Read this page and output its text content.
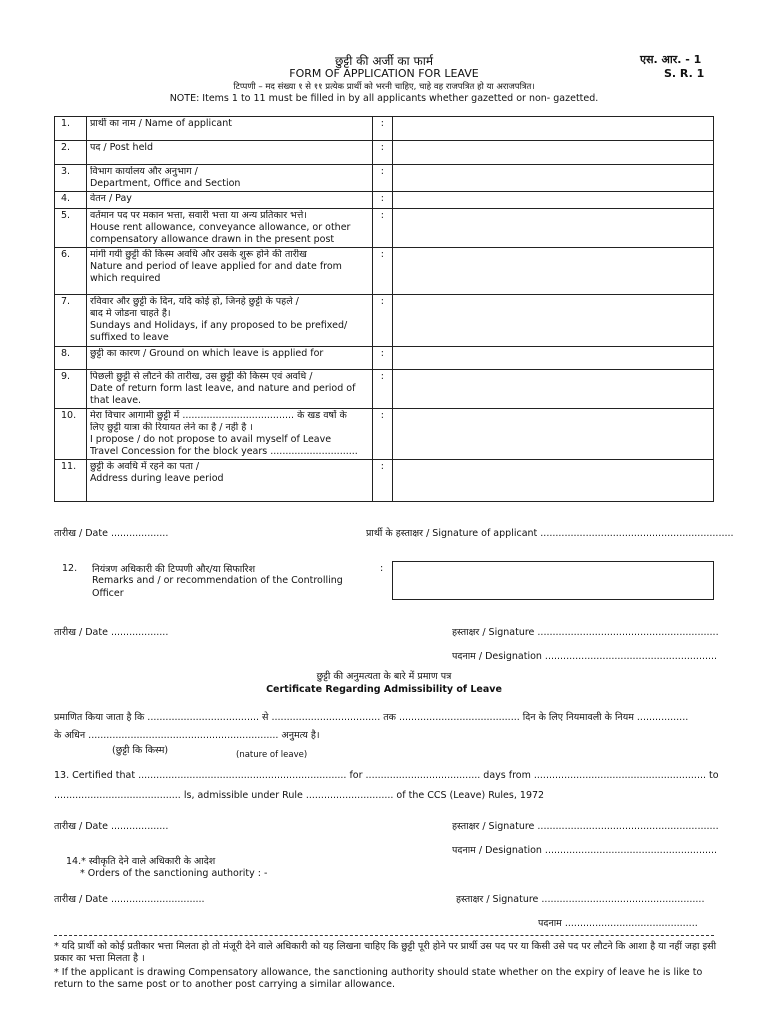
छुट्टी की अर्जी का फार्म
FORM OF APPLICATION FOR LEAVE
टिप्पणी – मद संख्या १ से ११ प्रत्येक प्रार्थी को भरनी चाहिए, चाहे वह राजपत्रित हो या अराजपत्रित।
NOTE: Items 1 to 11 must be filled in by all applicants whether gazetted or non- gazetted.
एस. आर. - 1
S. R. 1
1.	प्रार्थी का नाम / Name of applicant	:	
2.	पद / Post held	:	
3.	विभाग कार्यालय और अनुभाग /
Department, Office and Section	:	
4.	वेतन / Pay	:	
5.	वर्तमान पद पर मकान भत्ता, सवारी भत्ता या अन्य प्रतिकार भत्ते।
House rent allowance, conveyance allowance, or other
compensatory allowance drawn in the present post	:	
6.	मांगी गयी छुट्टी की किस्म अवधि और उसके शुरू होने की तारीख
Nature and period of leave applied for and date from
which required	:	
7.	रविवार और छुट्टी के दिन, यदि कोई हो, जिनहे छुट्टी के पहले /
बाद मे जोडना चाहते है।
Sundays and Holidays, if any proposed to be prefixed/
suffixed to leave	:	
8.	छुट्टी का कारण / Ground on which leave is applied for	:	
9.	पिछली छुट्टी से लौटने की तारीख, उस छुट्टी की किस्म एवं अवधि /
Date of return form last leave, and nature and period of
that leave.	:	
10.	मेरा विचार आगामी छुट्टी में ..................................... के खड वर्षो के
लिए छुट्टी यात्रा की रियायत लेने का है / नही है ।
I propose / do not propose to avail myself of Leave
Travel Concession for the block years .............................	:	
11.	छुट्टी के अवधि में रहने का पता /
Address during leave period	:	
तारीख / Date ...................	प्रार्थी के हस्ताक्षर / Signature of applicant ................................................................
12. नियंत्रण अधिकारी की टिप्पणी और/या सिफारिश
Remarks and / or recommendation of the Controlling
Officer
:
तारीख / Date ...................	हस्ताक्षर / Signature ............................................................
पदनाम / Designation .........................................................
छुट्टी की अनुमत्यता के बारे में प्रमाण पत्र
Certificate Regarding Admissibility of Leave
प्रमाणित किया जाता है कि ..................................... से .................................... तक ........................................ दिन के लिए नियमावली के नियम .................
के अधिन ............................................................... अनुमत्य है।
(छुट्टी कि किस्म)	(nature of leave)
13. Certified that ..................................................................... for ...................................... days from ......................................................... to
.......................................... ls, admissible under Rule ............................. of the CCS (Leave) Rules, 1972
तारीख / Date ...................	हस्ताक्षर / Signature ............................................................
पदनाम / Designation .........................................................
14.* स्वीकृति देने वाले अधिकारी के आदेश
* Orders of the sanctioning authority : -
तारीख / Date ...............................	हस्ताक्षर / Signature ......................................................
पदनाम ............................................
* यदि प्रार्थी को कोई प्रतीकार भत्ता मिलता हो तो मंजूरी देने वाले अधिकारी को यह लिखना चाहिए कि छुट्टी पूरी होने पर प्रार्थी उस पद पर या किसी उसे पद पर लौटने कि आशा है या नहीं जहा इसी प्रकार का भत्ता मिलता है ।
* If the applicant is drawing Compensatory allowance, the sanctioning authority should state whether on the expiry of leave he is like to return to the same post or to another post carrying a similar allowance.
